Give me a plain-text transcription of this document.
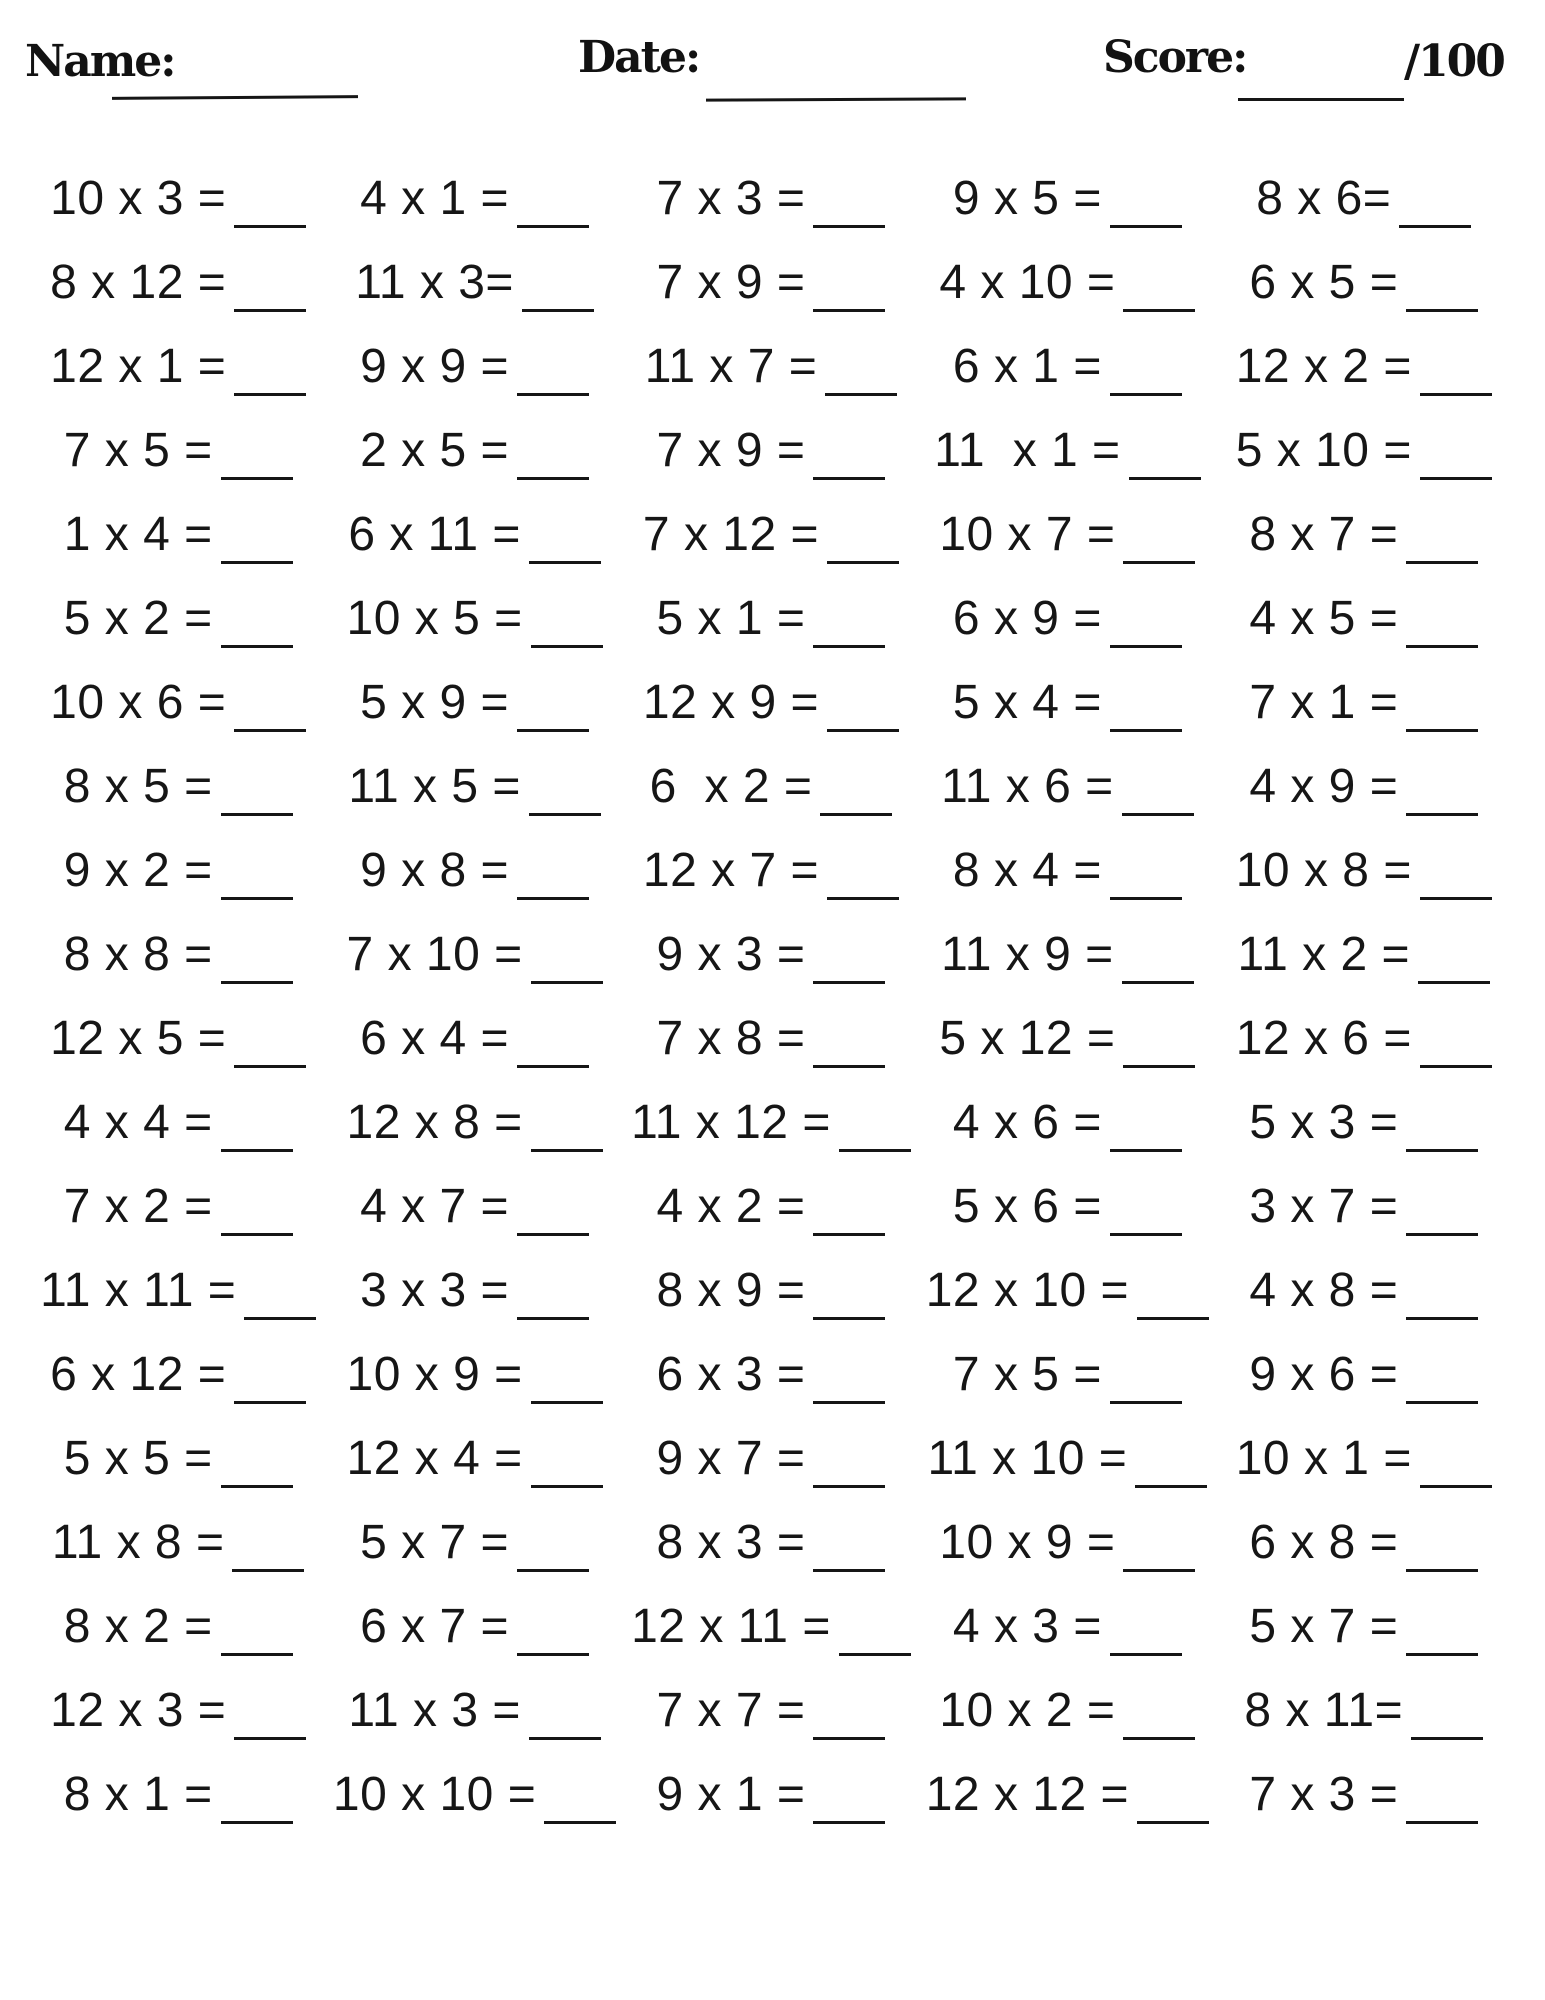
Name:	Date:	Score:	/100
10 x 3 =	4 x 1 =	7 x 3 =	9 x 5 =	8 x 6=
8 x 12 =	11 x 3=	7 x 9 =	4 x 10 =	6 x 5 =
12 x 1 =	9 x 9 =	11 x 7 =	6 x 1 =	12 x 2 =
7 x 5 =	2 x 5 =	7 x 9 =	11  x 1 = 5 x 10 =
1 x 4 =	6 x 11 =	7 x 12 =	10 x 7 =	8 x 7 =
5 x 2 =	10 x 5 =	5 x 1 =	6 x 9 =	4 x 5 =
10 x 6 =	5 x 9 =	12 x 9 =	5 x 4 =	7 x 1 =
8 x 5 =	11 x 5 =	6  x 2 =	11 x 6 =	4 x 9 =
9 x 2 =	9 x 8 =	12 x 7 =	8 x 4 =	10 x 8 =
8 x 8 =	7 x 10 =	9 x 3 =	11 x 9 =	11 x 2 =
12 x 5 =	6 x 4 =	7 x 8 =	5 x 12 =	12 x 6 =
4 x 4 =	12 x 8 = 11 x 12 =	4 x 6 =	5 x 3 =
7 x 2 =	4 x 7 =	4 x 2 =	5 x 6 =	3 x 7 =
11 x 11 =	3 x 3 =	8 x 9 =	12 x 10 =	4 x 8 =
6 x 12 =	10 x 9 =	6 x 3 =	7 x 5 =	9 x 6 =
5 x 5 =	12 x 4 =	9 x 7 =	11 x 10 = 10 x 1 =
11 x 8 =	5 x 7 =	8 x 3 =	10 x 9 =	6 x 8 =
8 x 2 =	6 x 7 =	12 x 11 =	4 x 3 =	5 x 7 =
12 x 3 =	11 x 3 =	7 x 7 =	10 x 2 =	8 x 11=
8 x 1 =	10 x 10 =	9 x 1 =	12 x 12 =	7 x 3 =
